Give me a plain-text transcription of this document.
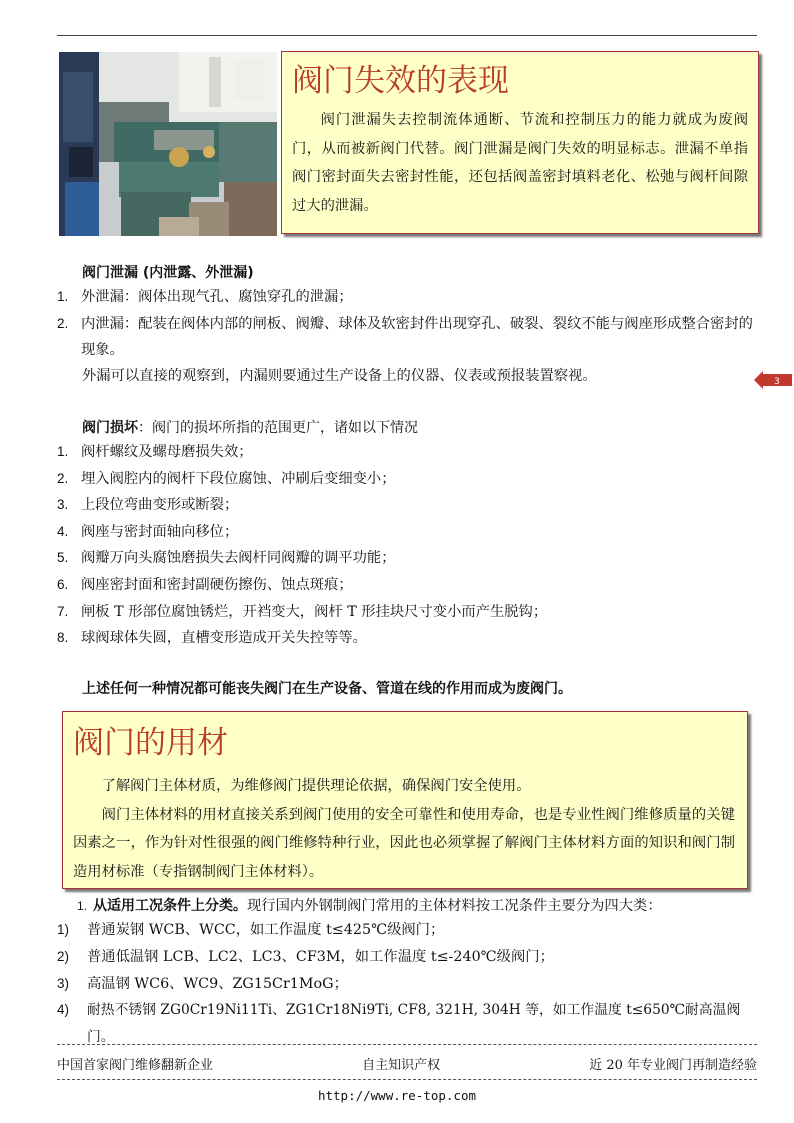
阀门失效的表现

阀门泄漏失去控制流体通断、节流和控制压力的能力就成为废阀门，从而被新阀门代替。阀门泄漏是阀门失效的明显标志。泄漏不单指阀门密封面失去密封性能，还包括阀盖密封填料老化、松弛与阀杆间隙过大的泄漏。

阀门泄漏 (内泄露、外泄漏)
1. 外泄漏：阀体出现气孔、腐蚀穿孔的泄漏；
2. 内泄漏：配装在阀体内部的闸板、阀瓣、球体及软密封件出现穿孔、破裂、裂纹不能与阀座形成整合密封的现象。
外漏可以直接的观察到，内漏则要通过生产设备上的仪器、仪表或预报装置察视。	3
阀门损坏：阀门的损坏所指的范围更广，诸如以下情况
1. 阀杆螺纹及螺母磨损失效；
2. 埋入阀腔内的阀杆下段位腐蚀、冲刷后变细变小；
3. 上段位弯曲变形或断裂；
4. 阀座与密封面轴向移位；
5. 阀瓣万向头腐蚀磨损失去阀杆同阀瓣的调平功能；
6. 阀座密封面和密封副硬伤擦伤、蚀点斑痕；
7. 闸板 T 形部位腐蚀锈烂，开裆变大，阀杆 T 形挂块尺寸变小而产生脱钩；
8. 球阀球体失圆，直槽变形造成开关失控等等。
上述任何一种情况都可能丧失阀门在生产设备、管道在线的作用而成为废阀门。
阀门的用材

了解阀门主体材质，为维修阀门提供理论依据，确保阀门安全使用。

阀门主体材料的用材直接关系到阀门使用的安全可靠性和使用寿命，也是专业性阀门维修质量的关键因素之一，作为针对性很强的阀门维修特种行业，因此也必须掌握了解阀门主体材料方面的知识和阀门制造用材标准（专指钢制阀门主体材料）。

1. 从适用工况条件上分类。现行国内外钢制阀门常用的主体材料按工况条件主要分为四大类：
1) 普通炭钢 WCB、WCC，如工作温度 t≤425℃级阀门；
2) 普通低温钢 LCB、LC2、LC3、CF3M，如工作温度 t≤-240℃级阀门；
3) 高温钢 WC6、WC9、ZG15Cr1MoG；
4) 耐热不锈钢 ZG0Cr19Ni11Ti、ZG1Cr18Ni9Ti, CF8, 321H, 304H 等，如工作温度 t≤650℃耐高温阀门。
中国首家阀门维修翻新企业	自主知识产权	近 20 年专业阀门再制造经验
http://www.re-top.com
